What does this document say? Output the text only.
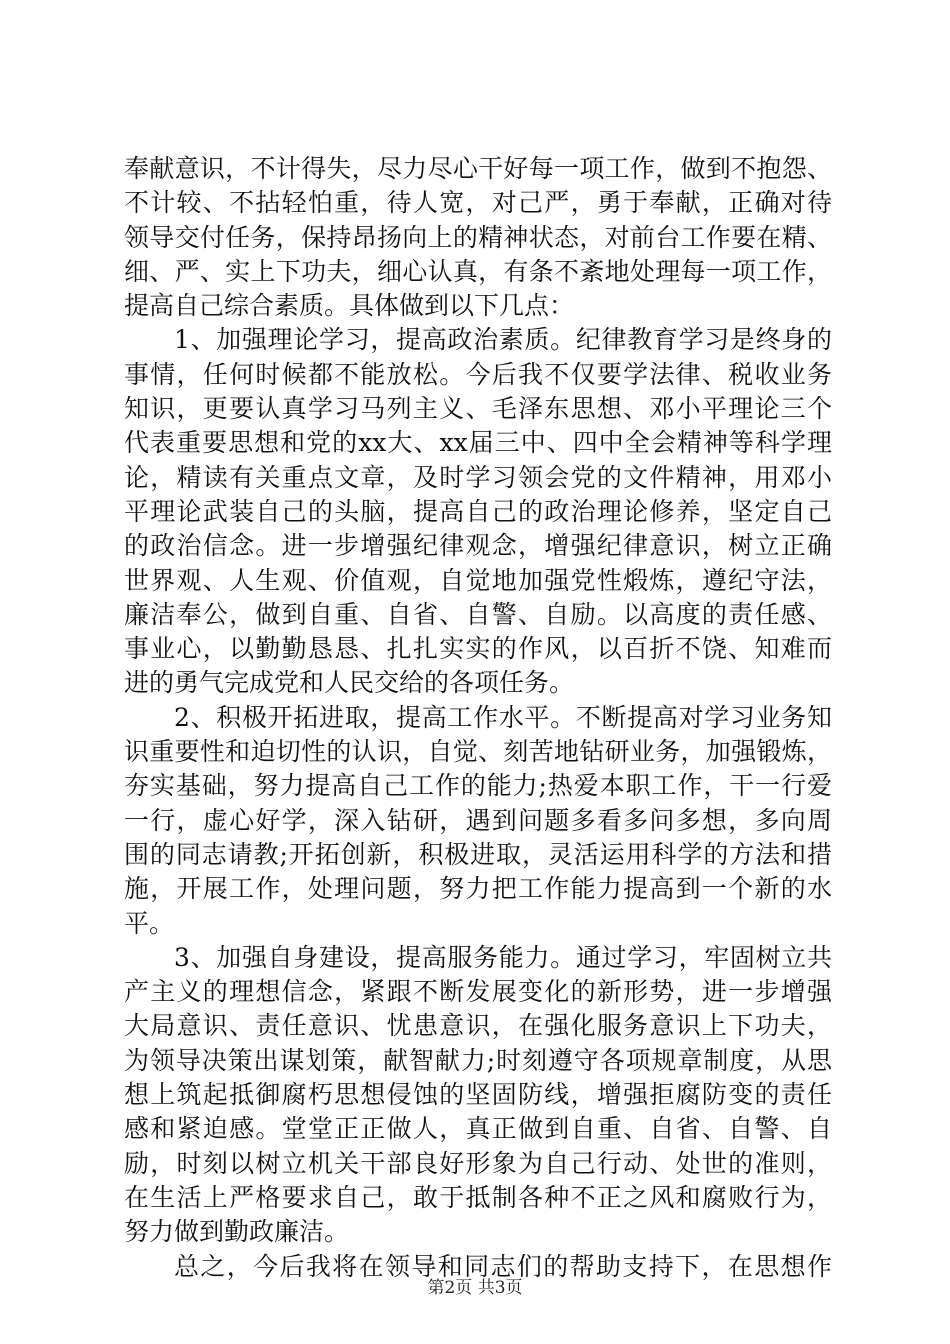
奉献意识，不计得失，尽力尽心干好每一项工作，做到不抱怨、
不计较、不拈轻怕重，待人宽，对己严，勇于奉献，正确对待
领导交付任务，保持昂扬向上的精神状态，对前台工作要在精、
细、严、实上下功夫，细心认真，有条不紊地处理每一项工作，
提高自己综合素质。具体做到以下几点：
1、加强理论学习，提高政治素质。纪律教育学习是终身的
事情，任何时候都不能放松。今后我不仅要学法律、税收业务
知识，更要认真学习马列主义、毛泽东思想、邓小平理论三个
代表重要思想和党的xx大、xx届三中、四中全会精神等科学理
论，精读有关重点文章，及时学习领会党的文件精神，用邓小
平理论武装自己的头脑，提高自己的政治理论修养，坚定自己
的政治信念。进一步增强纪律观念，增强纪律意识，树立正确
世界观、人生观、价值观，自觉地加强党性煅炼，遵纪守法，
廉洁奉公，做到自重、自省、自警、自励。以高度的责任感、
事业心，以勤勤恳恳、扎扎实实的作风，以百折不饶、知难而
进的勇气完成党和人民交给的各项任务。
2、积极开拓进取，提高工作水平。不断提高对学习业务知
识重要性和迫切性的认识，自觉、刻苦地钻研业务，加强锻炼，
夯实基础，努力提高自己工作的能力;热爱本职工作，干一行爱
一行，虚心好学，深入钻研，遇到问题多看多问多想，多向周
围的同志请教;开拓创新，积极进取，灵活运用科学的方法和措
施，开展工作，处理问题，努力把工作能力提高到一个新的水
平。
3、加强自身建设，提高服务能力。通过学习，牢固树立共
产主义的理想信念，紧跟不断发展变化的新形势，进一步增强
大局意识、责任意识、忧患意识，在强化服务意识上下功夫，
为领导决策出谋划策，献智献力;时刻遵守各项规章制度，从思
想上筑起抵御腐朽思想侵蚀的坚固防线，增强拒腐防变的责任
感和紧迫感。堂堂正正做人，真正做到自重、自省、自警、自
励，时刻以树立机关干部良好形象为自己行动、处世的准则，
在生活上严格要求自己，敢于抵制各种不正之风和腐败行为，
努力做到勤政廉洁。
总之，今后我将在领导和同志们的帮助支持下，在思想作
第2页 共3页
